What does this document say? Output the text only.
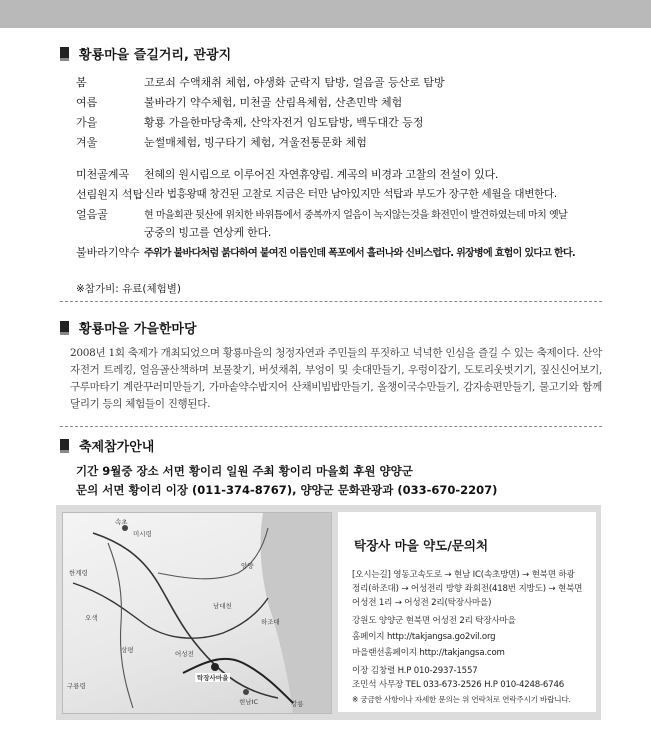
황룡마을 즐길거리, 관광지
봄	고로쇠 수액채취 체험, 야생화 군락지 탐방, 얼음골 등산로 탐방
여름	불바라기 약수체험, 미천골 산림욕체험, 산촌민박 체험
가을	황룡 가을한마당축제, 산악자전거 임도탐방, 백두대간 등정
겨울	눈썰매체험, 빙구타기 체험, 겨울전통문화 체험
미천골계곡 천혜의 원시림으로 이루어진 자연휴양림. 계곡의 비경과 고찰의 전설이 있다.
선림원지 석탑 신라 법흥왕때 창건된 고찰로 지금은 터만 남아있지만 석탑과 부도가 장구한 세월을 대변한다.
얼음골	현 마을회관 뒷산에 위치한 바위틈에서 중복까지 얼음이 녹지않는것을 화전민이 발견하였는데 마치 옛날
궁중의 빙고를 연상케 한다.
불바라기약수 주위가 불바다처럼 붉다하여 붙여진 이름인데 폭포에서 흘러나와 신비스럽다. 위장병에 효험이 있다고 한다.
※참가비: 유료(체험별)
황룡마을 가을한마당
2008년 1회 축제가 개최되었으며 황룡마을의 청정자연과 주민들의 푸짓하고 넉넉한 인심을 즐길 수 있는 축제이다. 산악자전거 트레킹, 얼음골산책하며 보물찾기, 버섯채취, 부엉이 및 솟대만들기, 우렁이잡기, 도토리웃벗기기, 짚신신어보기, 구루마타기 계란꾸러미만들기, 가마솥약수밥지어 산채비빔밥만들기, 올챙이국수만들기, 감자송편만들기, 물고기와 함께 달리기 등의 체험들이 진행된다.
축제참가안내
기간 9월중 장소 서면 황이리 일원 주최 황이리 마을회 후원 양양군
문의 서면 황이리 이장 (011-374-8767), 양양군 문화관광과 (033-670-2207)
속초
미시령
한계령
양양
오색	하조대
구룡령
어성전
탁장사마을
현남IC	강릉
남대천
상평
탁장사 마을 약도/문의처
[오시는길] 영동고속도로 → 현남 IC(속초방면) → 현북면 하광
정리(하조대) → 어성전리 방향 좌회전(418번 지방도) → 현북면
어성전 1리 → 어성전 2리(탁장사마을)
강원도 양양군 현북면 어성전 2리 탁장사마을
홈페이지 http://takjangsa.go2vil.org
마을랜선홈페이지 http://takjangsa.com
이장 김창렬 H.P 010-2937-1557
조민석 사무장 TEL 033-673-2526 H.P 010-4248-6746
※ 궁금한 사항이나 자세한 문의는 위 연락처로 연락주시기 바랍니다.
